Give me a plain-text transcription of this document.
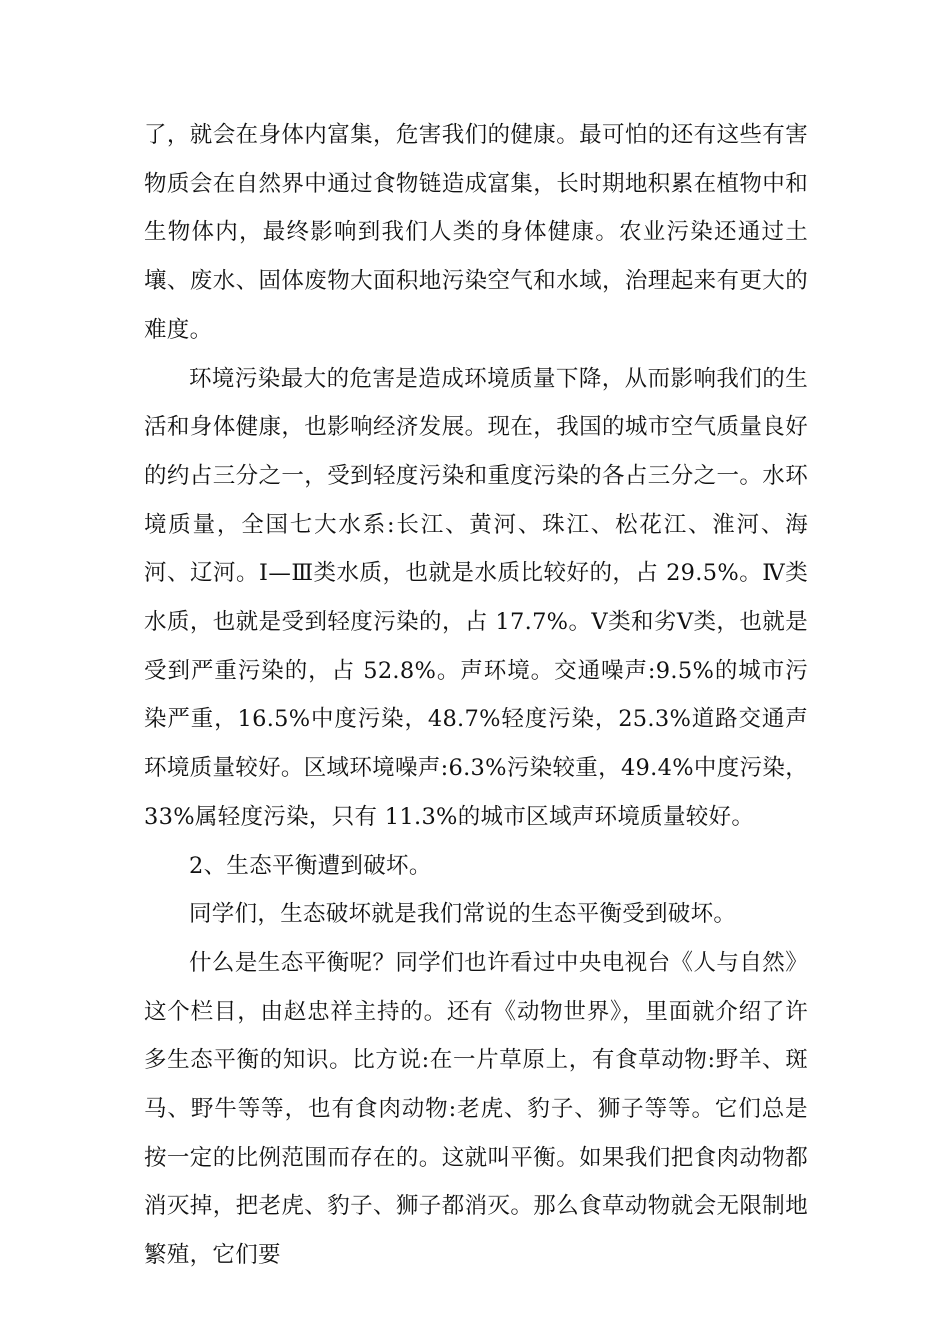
了，就会在身体内富集，危害我们的健康。最可怕的还有这些有害物质会在自然界中通过食物链造成富集，长时期地积累在植物中和生物体内，最终影响到我们人类的身体健康。农业污染还通过土壤、废水、固体废物大面积地污染空气和水域，治理起来有更大的难度。

环境污染最大的危害是造成环境质量下降，从而影响我们的生活和身体健康，也影响经济发展。现在，我国的城市空气质量良好的约占三分之一，受到轻度污染和重度污染的各占三分之一。水环境质量，全国七大水系:长江、黄河、珠江、松花江、淮河、海河、辽河。Ⅰ—Ⅲ类水质，也就是水质比较好的，占 29.5%。Ⅳ类水质，也就是受到轻度污染的，占 17.7%。Ⅴ类和劣Ⅴ类，也就是受到严重污染的，占 52.8%。声环境。交通噪声:9.5%的城市污染严重，16.5%中度污染，48.7%轻度污染，25.3%道路交通声环境质量较好。区域环境噪声:6.3%污染较重，49.4%中度污染，33%属轻度污染，只有 11.3%的城市区域声环境质量较好。

2、生态平衡遭到破坏。

同学们，生态破坏就是我们常说的生态平衡受到破坏。

什么是生态平衡呢？同学们也许看过中央电视台《人与自然》这个栏目，由赵忠祥主持的。还有《动物世界》，里面就介绍了许多生态平衡的知识。比方说:在一片草原上，有食草动物:野羊、斑马、野牛等等，也有食肉动物:老虎、豹子、狮子等等。它们总是按一定的比例范围而存在的。这就叫平衡。如果我们把食肉动物都消灭掉，把老虎、豹子、狮子都消灭。那么食草动物就会无限制地繁殖，它们要
